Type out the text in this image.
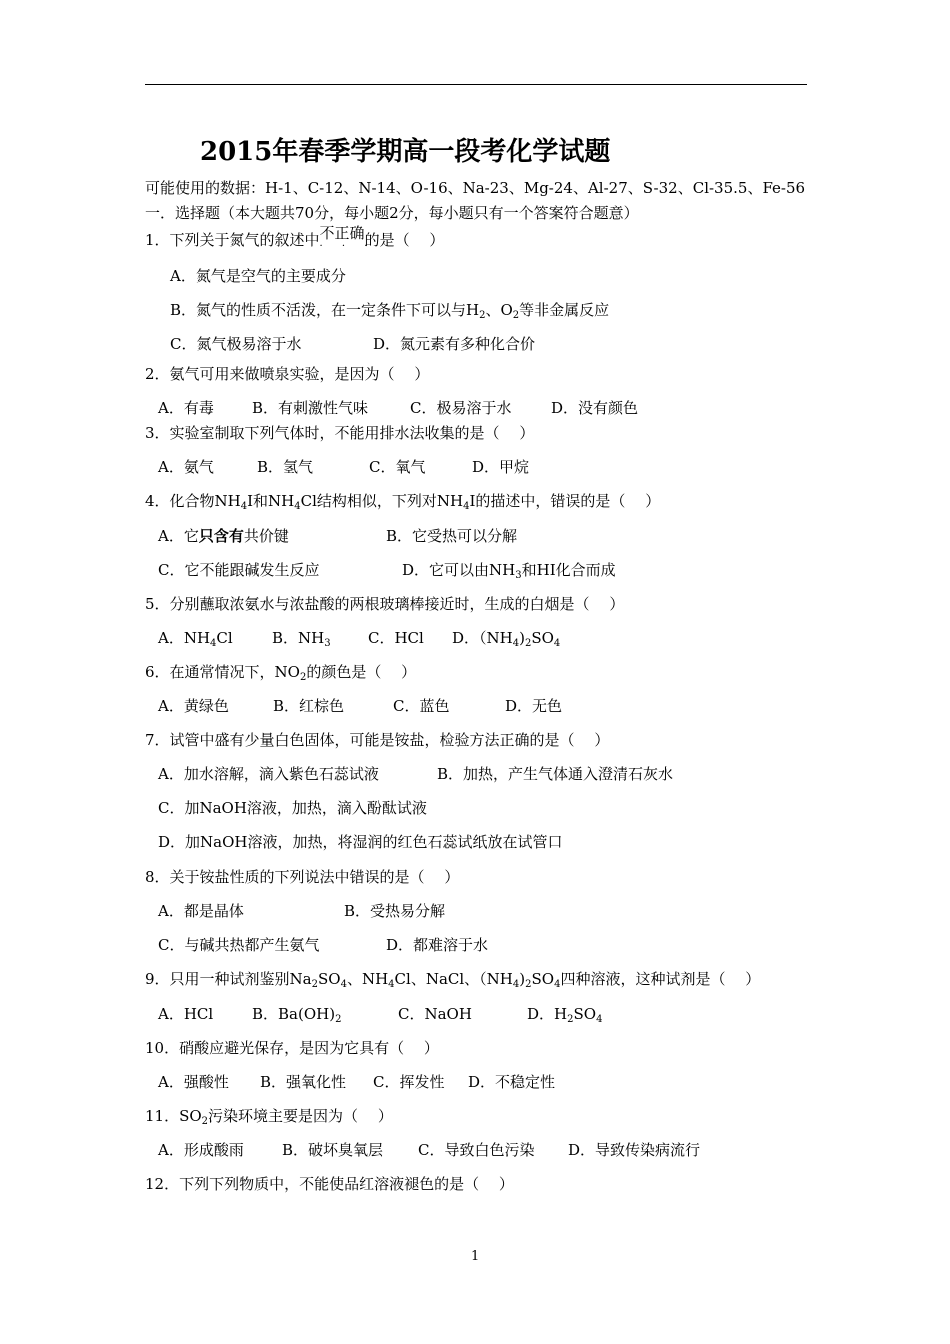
2015年春季学期高一段考化学试题
可能使用的数据：H-1、C-12、N-14、O-16、Na-23、Mg-24、Al-27、S-32、Cl-35.5、Fe-56
一．选择题（本大题共70分，每小题2分，每小题只有一个答案符合题意）
1．下列关于氮气的叙述中不正确
· · ·
的是（　 ）
A．氮气是空气的主要成分
B．氮气的性质不活泼，在一定条件下可以与$H_2$、$O_2$等非金属反应
C．氮气极易溶于水	D．氮元素有多种化合价
2．氨气可用来做喷泉实验，是因为（　 ）
A．有毒	B．有刺激性气味	C．极易溶于水	D．没有颜色
3．实验室制取下列气体时，不能用排水法收集的是（　 ）
A．氨气	B．氢气	C．氧气	D．甲烷
4．化合物$NH_4I$和$NH_4Cl$结构相似，下列对$NH_4I$的描述中，错误的是（　 ）
A．它只含有共价键	B．它受热可以分解
C．它不能跟碱发生反应	D．它可以由$NH_3$和HI化合而成
5．分别蘸取浓氨水与浓盐酸的两根玻璃棒接近时，生成的白烟是（　 ）
A．$NH_4Cl$	B．$NH_3$ C．HCl D．$(NH_4)_2SO_4$
6．在通常情况下，$NO_2$的颜色是（　 ）
A．黄绿色	B．红棕色	C．蓝色	D．无色
7．试管中盛有少量白色固体，可能是铵盐，检验方法正确的是（　 ）
A．加水溶解，滴入紫色石蕊试液	B．加热，产生气体通入澄清石灰水
C．加NaOH溶液，加热，滴入酚酞试液
D．加NaOH溶液，加热，将湿润的红色石蕊试纸放在试管口
8．关于铵盐性质的下列说法中错误的是（　 ）
A．都是晶体	B．受热易分解
C．与碱共热都产生氨气	D．都难溶于水
9．只用一种试剂鉴别$Na_2SO_4$、$NH_4Cl$、NaCl、$(NH_4)_2SO_4$四种溶液，这种试剂是（　 ）
A．HCl	B．$Ba(OH)_2$	C．NaOH	D．$H_2SO_4$
10．硝酸应避光保存，是因为它具有（　 ）
A．强酸性 B．强氧化性 C．挥发性 D．不稳定性
11．$SO_2$污染环境主要是因为（　 ）
A．形成酸雨	B．破坏臭氧层 C．导致白色污染 D．导致传染病流行
12．下列下列物质中，不能使品红溶液褪色的是（　 ）
1
